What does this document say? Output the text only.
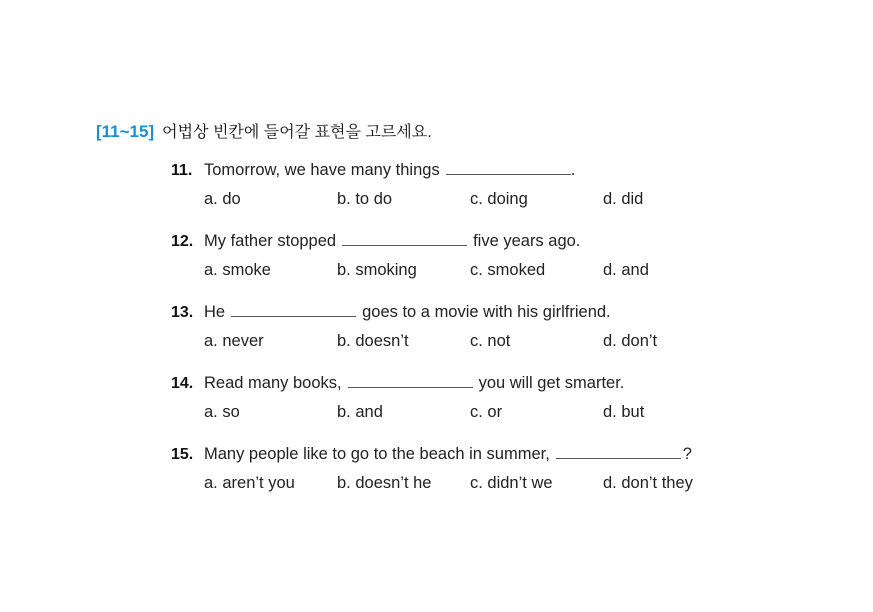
[11~15] 어법상 빈칸에 들어갈 표현을 고르세요.
11. Tomorrow, we have many things	.
a. do	b. to do	c. doing	d. did
12. My father stopped	five years ago.
a. smoke	b. smoking	c. smoked	d. and
13. He	goes to a movie with his girlfriend.
a. never	b. doesn’t	c. not	d. don’t
14. Read many books,	you will get smarter.
a. so	b. and	c. or	d. but
15. Many people like to go to the beach in summer,	?
a. aren’t you	b. doesn’t he	c. didn’t we	d. don’t they
